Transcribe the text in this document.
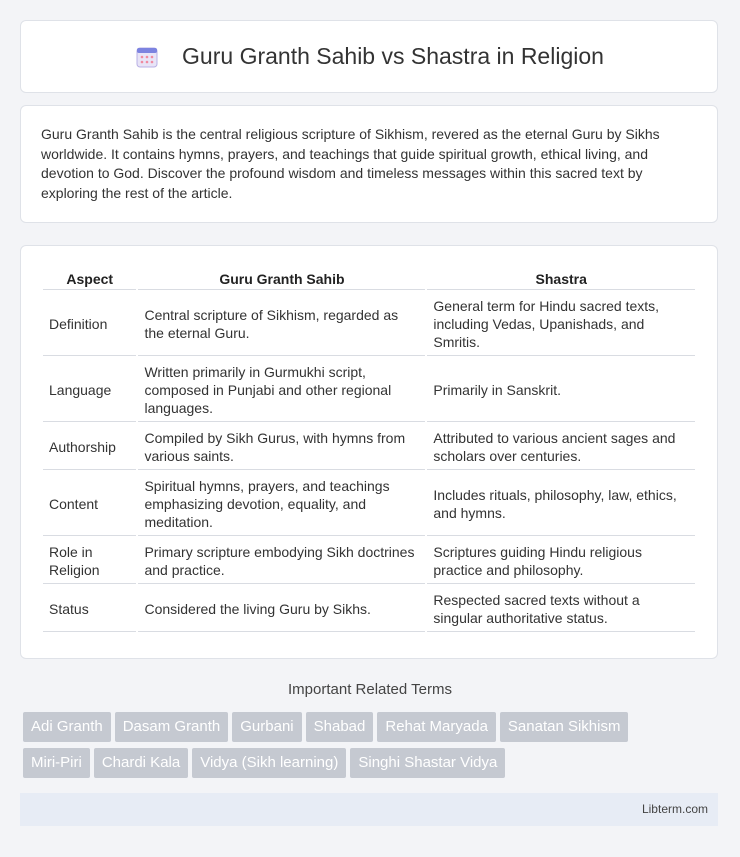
Guru Granth Sahib vs Shastra in Religion

Guru Granth Sahib is the central religious scripture of Sikhism, revered as the eternal Guru by Sikhs worldwide. It contains hymns, prayers, and teachings that guide spiritual growth, ethical living, and devotion to God. Discover the profound wisdom and timeless messages within this sacred text by exploring the rest of the article.

Aspect	Guru Granth Sahib	Shastra
Definition	Central scripture of Sikhism, regarded as the eternal Guru.	General term for Hindu sacred texts, including Vedas, Upanishads, and Smritis.
Language	Written primarily in Gurmukhi script, composed in Punjabi and other regional languages.	Primarily in Sanskrit.
Authorship	Compiled by Sikh Gurus, with hymns from various saints.	Attributed to various ancient sages and scholars over centuries.
Content	Spiritual hymns, prayers, and teachings emphasizing devotion, equality, and meditation.	Includes rituals, philosophy, law, ethics, and hymns.
Role in Religion	Primary scripture embodying Sikh doctrines and practice.	Scriptures guiding Hindu religious practice and philosophy.
Status	Considered the living Guru by Sikhs.	Respected sacred texts without a singular authoritative status.
Important Related Terms
Adi Granth Dasam Granth Gurbani Shabad Rehat Maryada Sanatan Sikhism
Miri-Piri Chardi Kala Vidya (Sikh learning) Singhi Shastar Vidya
Libterm.com
